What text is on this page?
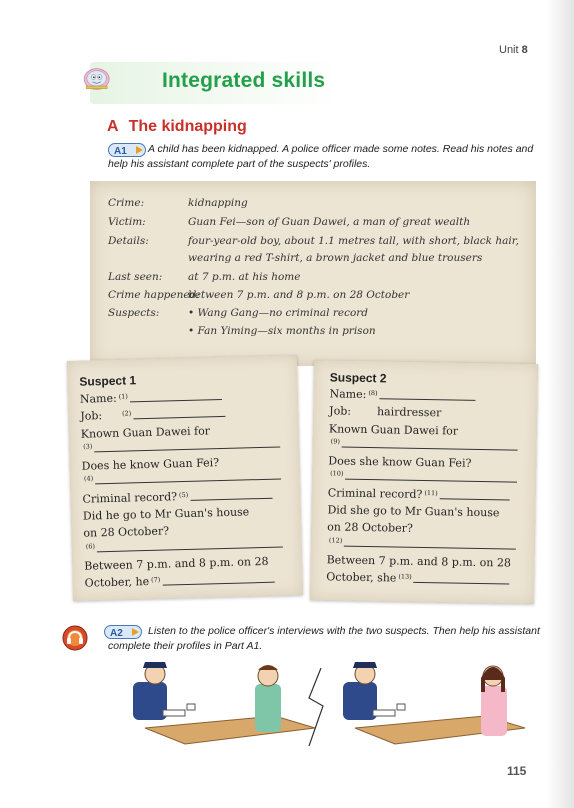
Unit 8
Integrated skills
A The kidnapping
A1	A child has been kidnapped. A police officer made some notes. Read his notes and help his assistant complete part of the suspects' profiles.
Crime:	kidnapping
Victim:	Guan Fei—son of Guan Dawei, a man of great wealth
Details:	four-year-old boy, about 1.1 metres tall, with short, black hair,
wearing a red T-shirt, a brown jacket and blue trousers
Last seen: at 7 p.m. at his home
Crime happened:
between 7 p.m. and 8 p.m. on 28 October
Suspects:	• Wang Gang—no criminal record
• Fan Yiming—six months in prison
Suspect 1
Name: $^{(1)}$
Job:	$^{(2)}$
Known Guan Dawei for
$^{(3)}$
Does he know Guan Fei?
$^{(4)}$
Criminal record? $^{(5)}$
Did he go to Mr Guan's house
on 28 October?
$^{(6)}$
Between 7 p.m. and 8 p.m. on 28
October, he $^{(7)}$
Suspect 2
Name: $^{(8)}$
Job: hairdresser
Known Guan Dawei for
$^{(9)}$
Does she know Guan Fei?
$^{(10)}$
Criminal record? $^{(11)}$
Did she go to Mr Guan's house
on 28 October?
$^{(12)}$
Between 7 p.m. and 8 p.m. on 28
October, she $^{(13)}$
A2	Listen to the police officer's interviews with the two suspects. Then help his assistant complete their profiles in Part A1.
115
